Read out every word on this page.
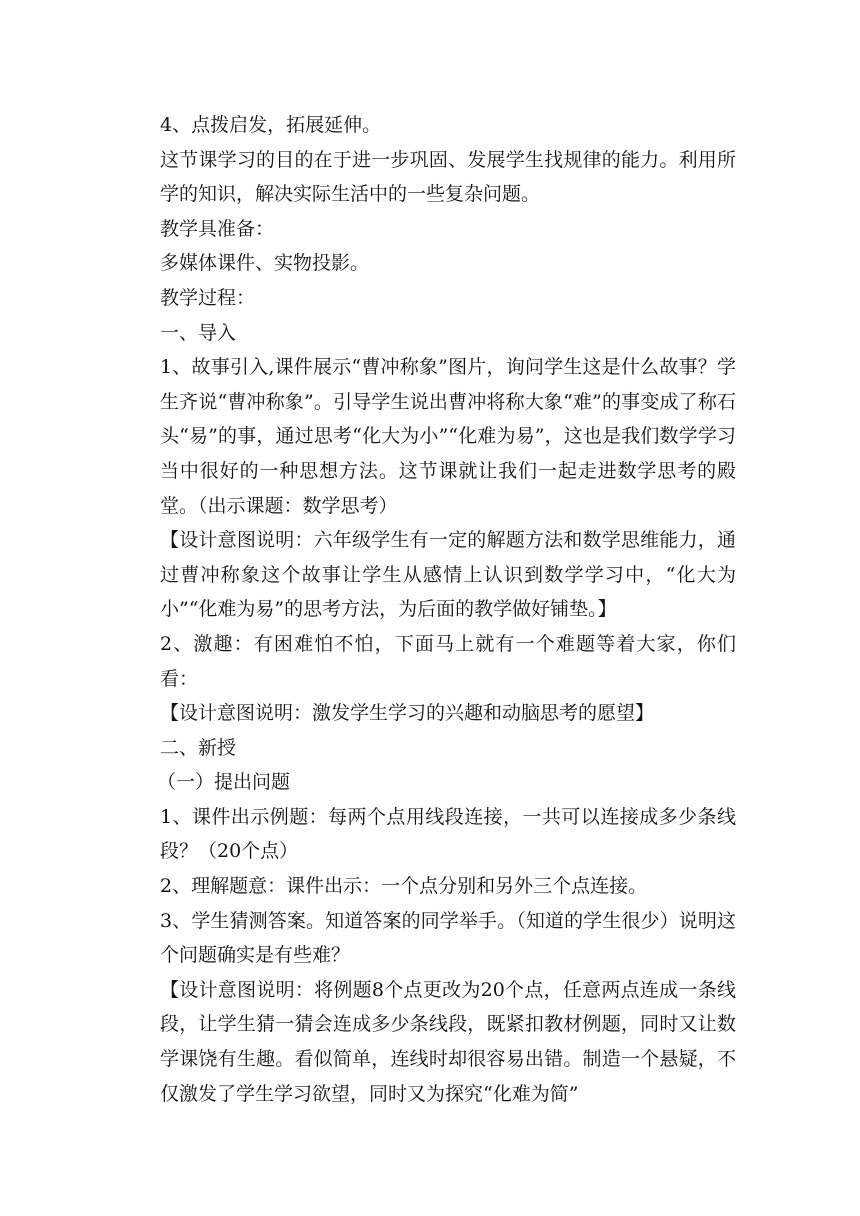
4、点拨启发，拓展延伸。

这节课学习的目的在于进一步巩固、发展学生找规律的能力。利用所学的知识，解决实际生活中的一些复杂问题。

教学具准备：

多媒体课件、实物投影。

教学过程：

一、导入

1、故事引入,课件展示“曹冲称象”图片，询问学生这是什么故事？学生齐说“曹冲称象”。引导学生说出曹冲将称大象“难”的事变成了称石头“易”的事，通过思考“化大为小”“化难为易”，这也是我们数学学习当中很好的一种思想方法。这节课就让我们一起走进数学思考的殿堂。（出示课题：数学思考）

【设计意图说明：六年级学生有一定的解题方法和数学思维能力，通过曹冲称象这个故事让学生从感情上认识到数学学习中，“化大为小”“化难为易”的思考方法，为后面的教学做好铺垫。】

2、激趣：有困难怕不怕，下面马上就有一个难题等着大家，你们看：

【设计意图说明：激发学生学习的兴趣和动脑思考的愿望】

二、新授

（一）提出问题

1、课件出示例题：每两个点用线段连接，一共可以连接成多少条线段？（20个点）

2、理解题意：课件出示：一个点分别和另外三个点连接。

3、学生猜测答案。知道答案的同学举手。（知道的学生很少）说明这个问题确实是有些难？

【设计意图说明：将例题8个点更改为20个点，任意两点连成一条线段，让学生猜一猜会连成多少条线段，既紧扣教材例题，同时又让数学课饶有生趣。看似简单，连线时却很容易出错。制造一个悬疑，不仅激发了学生学习欲望，同时又为探究“化难为简”
